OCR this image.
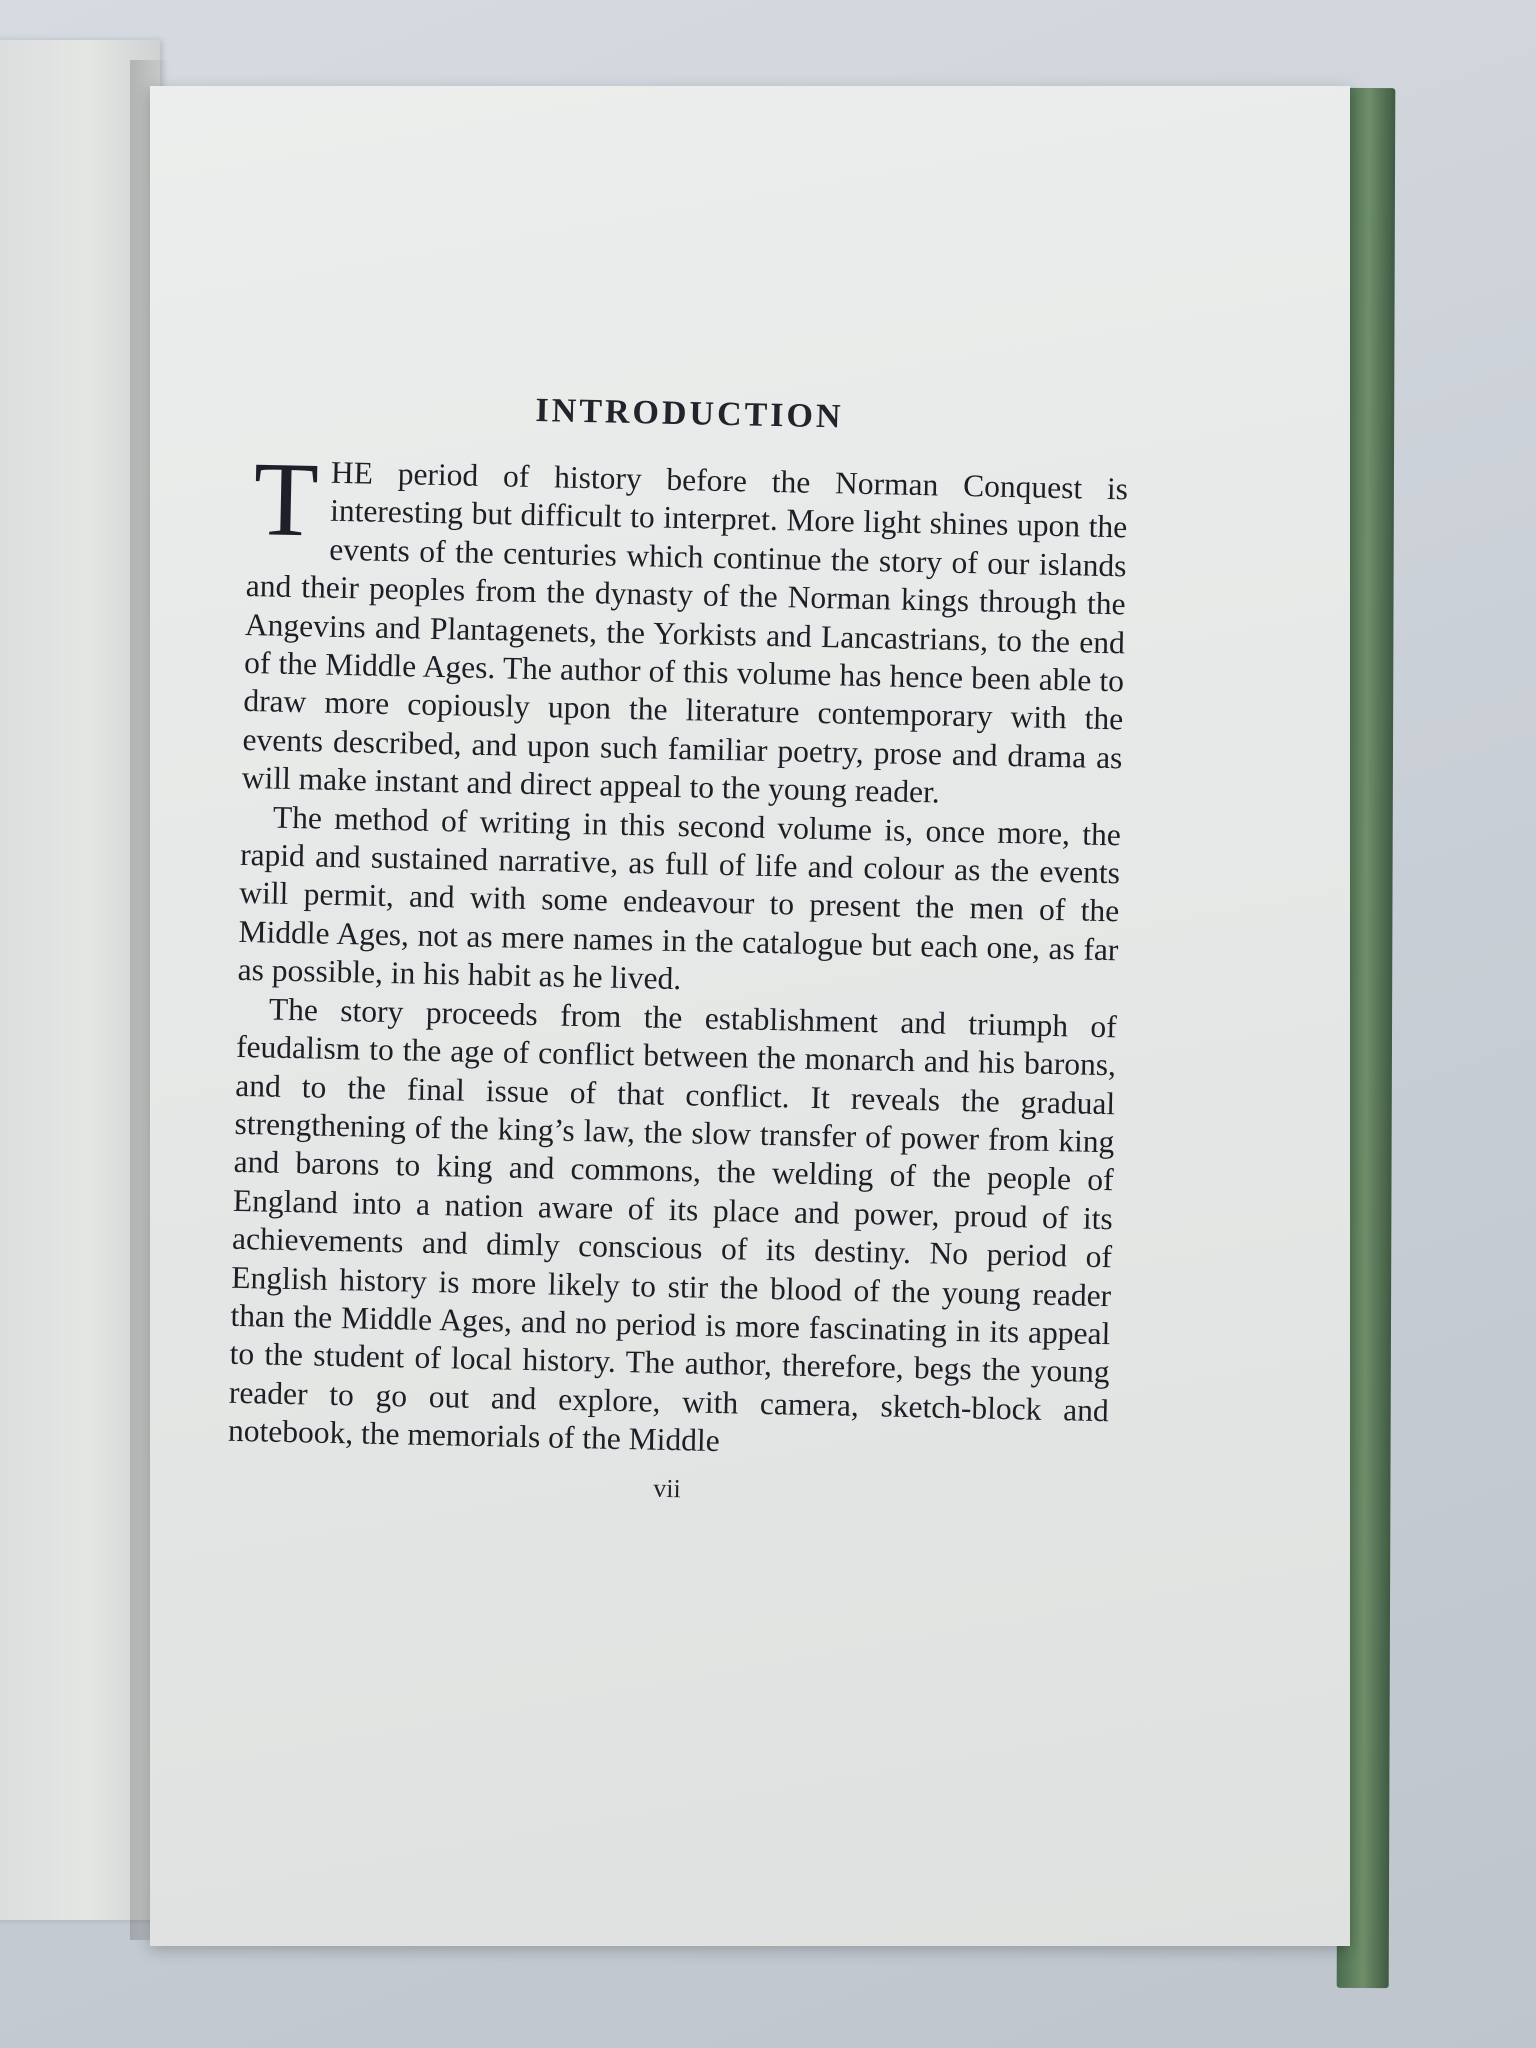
INTRODUCTION

THE period of history before the Norman Conquest is interesting but difficult to interpret. More light shines upon the events of the centuries which continue the story of our islands and their peoples from the dynasty of the Norman kings through the Angevins and Plantagenets, the Yorkists and Lancastrians, to the end of the Middle Ages. The author of this volume has hence been able to draw more copiously upon the literature contemporary with the events described, and upon such familiar poetry, prose and drama as will make instant and direct appeal to the young reader.

The method of writing in this second volume is, once more, the rapid and sustained narrative, as full of life and colour as the events will permit, and with some endeavour to present the men of the Middle Ages, not as mere names in the catalogue but each one, as far as possible, in his habit as he lived.

The story proceeds from the establishment and triumph of feudalism to the age of conflict between the monarch and his barons, and to the final issue of that conflict. It reveals the gradual strengthening of the king’s law, the slow transfer of power from king and barons to king and commons, the welding of the people of England into a nation aware of its place and power, proud of its achievements and dimly conscious of its destiny. No period of English history is more likely to stir the blood of the young reader than the Middle Ages, and no period is more fascinating in its appeal to the student of local history. The author, therefore, begs the young reader to go out and explore, with camera, sketch-block and notebook, the memorials of the Middle

vii
